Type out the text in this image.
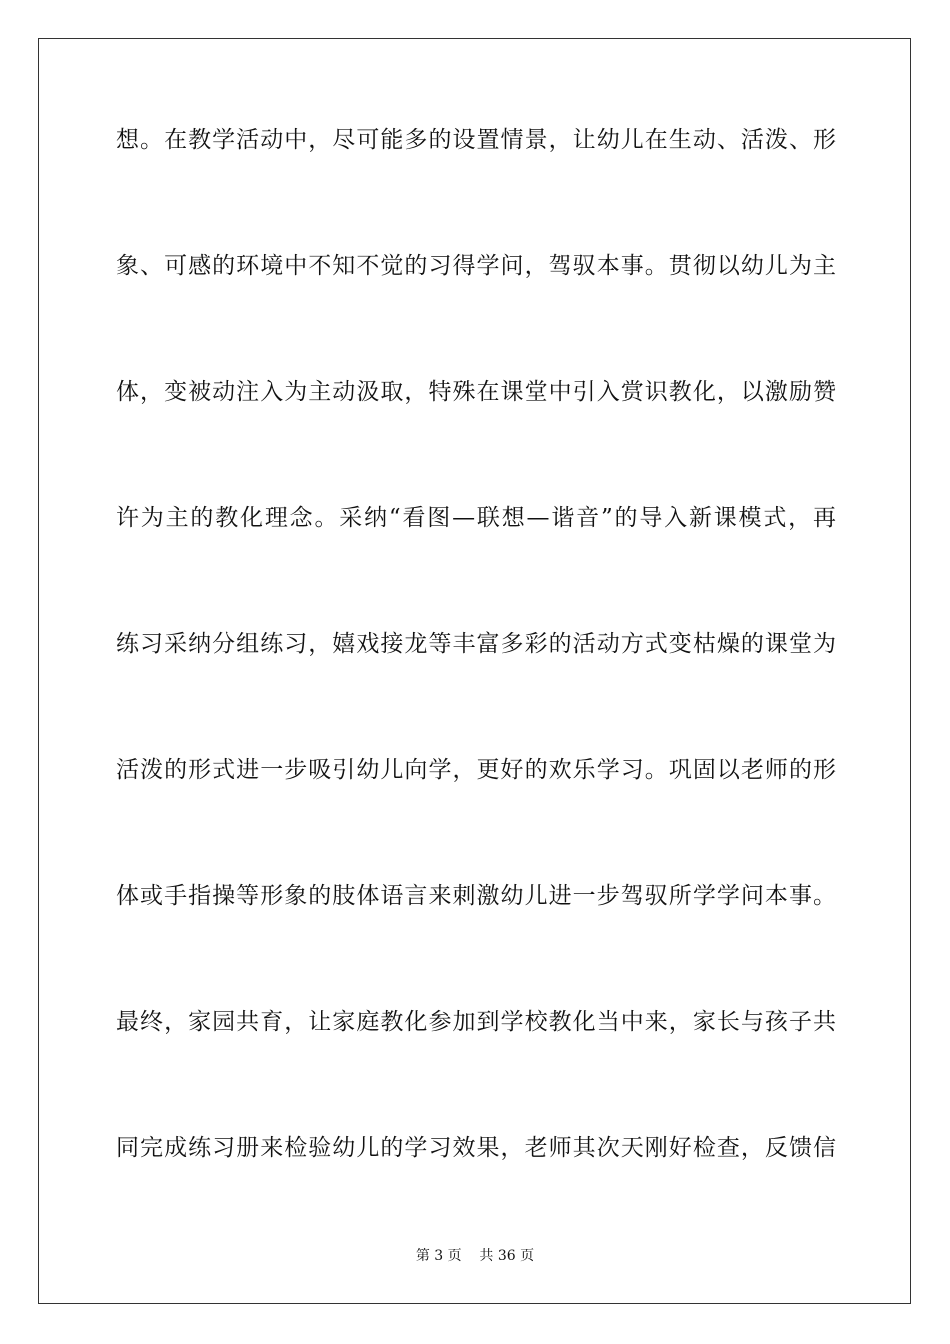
想。在教学活动中，尽可能多的设置情景，让幼儿在生动、活泼、形
象、可感的环境中不知不觉的习得学问，驾驭本事。贯彻以幼儿为主
体，变被动注入为主动汲取，特殊在课堂中引入赏识教化，以激励赞
许为主的教化理念。采纳“看图—联想—谐音”的导入新课模式，再
练习采纳分组练习，嬉戏接龙等丰富多彩的活动方式变枯燥的课堂为
活泼的形式进一步吸引幼儿向学，更好的欢乐学习。巩固以老师的形
体或手指操等形象的肢体语言来刺激幼儿进一步驾驭所学学问本事。
最终，家园共育，让家庭教化参加到学校教化当中来，家长与孩子共
同完成练习册来检验幼儿的学习效果，老师其次天刚好检查，反馈信
第 3 页    共 36 页
